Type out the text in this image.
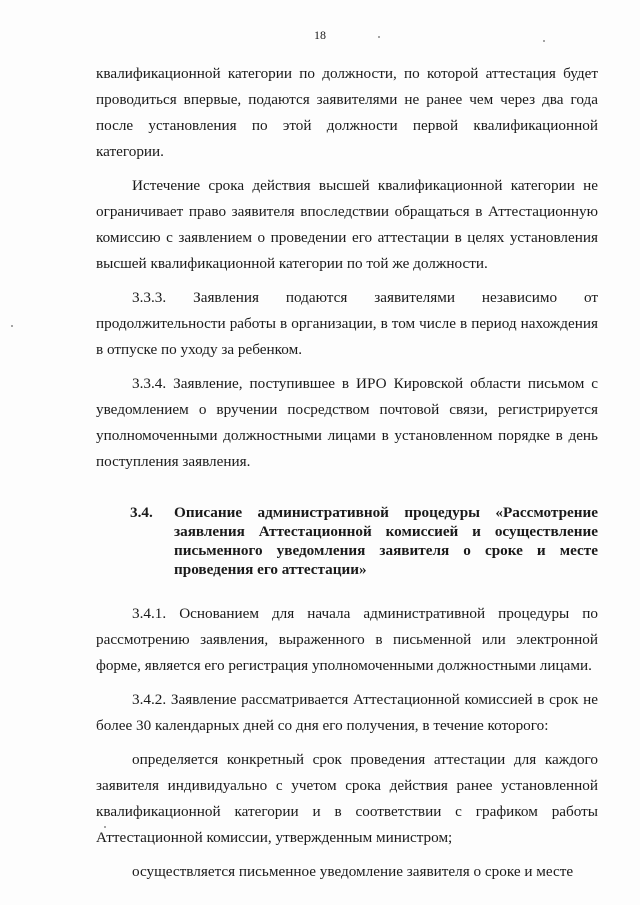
18

квалификационной категории по должности, по которой аттестация будет проводиться впервые, подаются заявителями не ранее чем через два года после установления по этой должности первой квалификационной категории.

Истечение срока действия высшей квалификационной категории не ограничивает право заявителя впоследствии обращаться в Аттестационную комиссию с заявлением о проведении его аттестации в целях установления высшей квалификационной категории по той же должности.

3.3.3. Заявления подаются заявителями независимо от продолжительности работы в организации, в том числе в период нахождения в отпуске по уходу за ребенком.

3.3.4. Заявление, поступившее в ИРО Кировской области письмом с уведомлением о вручении посредством почтовой связи, регистрируется уполномоченными должностными лицами в установленном порядке в день поступления заявления.

3.4.	Описание административной процедуры «Рассмотрение заявления Аттестационной комиссией и осуществление письменного уведомления заявителя о сроке и месте проведения его аттестации»

3.4.1. Основанием для начала административной процедуры по рассмотрению заявления, выраженного в письменной или электронной форме, является его регистрация уполномоченными должностными лицами.

3.4.2. Заявление рассматривается Аттестационной комиссией в срок не более 30 календарных дней со дня его получения, в течение которого:

определяется конкретный срок проведения аттестации для каждого заявителя индивидуально с учетом срока действия ранее установленной квалификационной категории и в соответствии с графиком работы Аттестационной комиссии, утвержденным министром;

осуществляется письменное уведомление заявителя о сроке и месте
